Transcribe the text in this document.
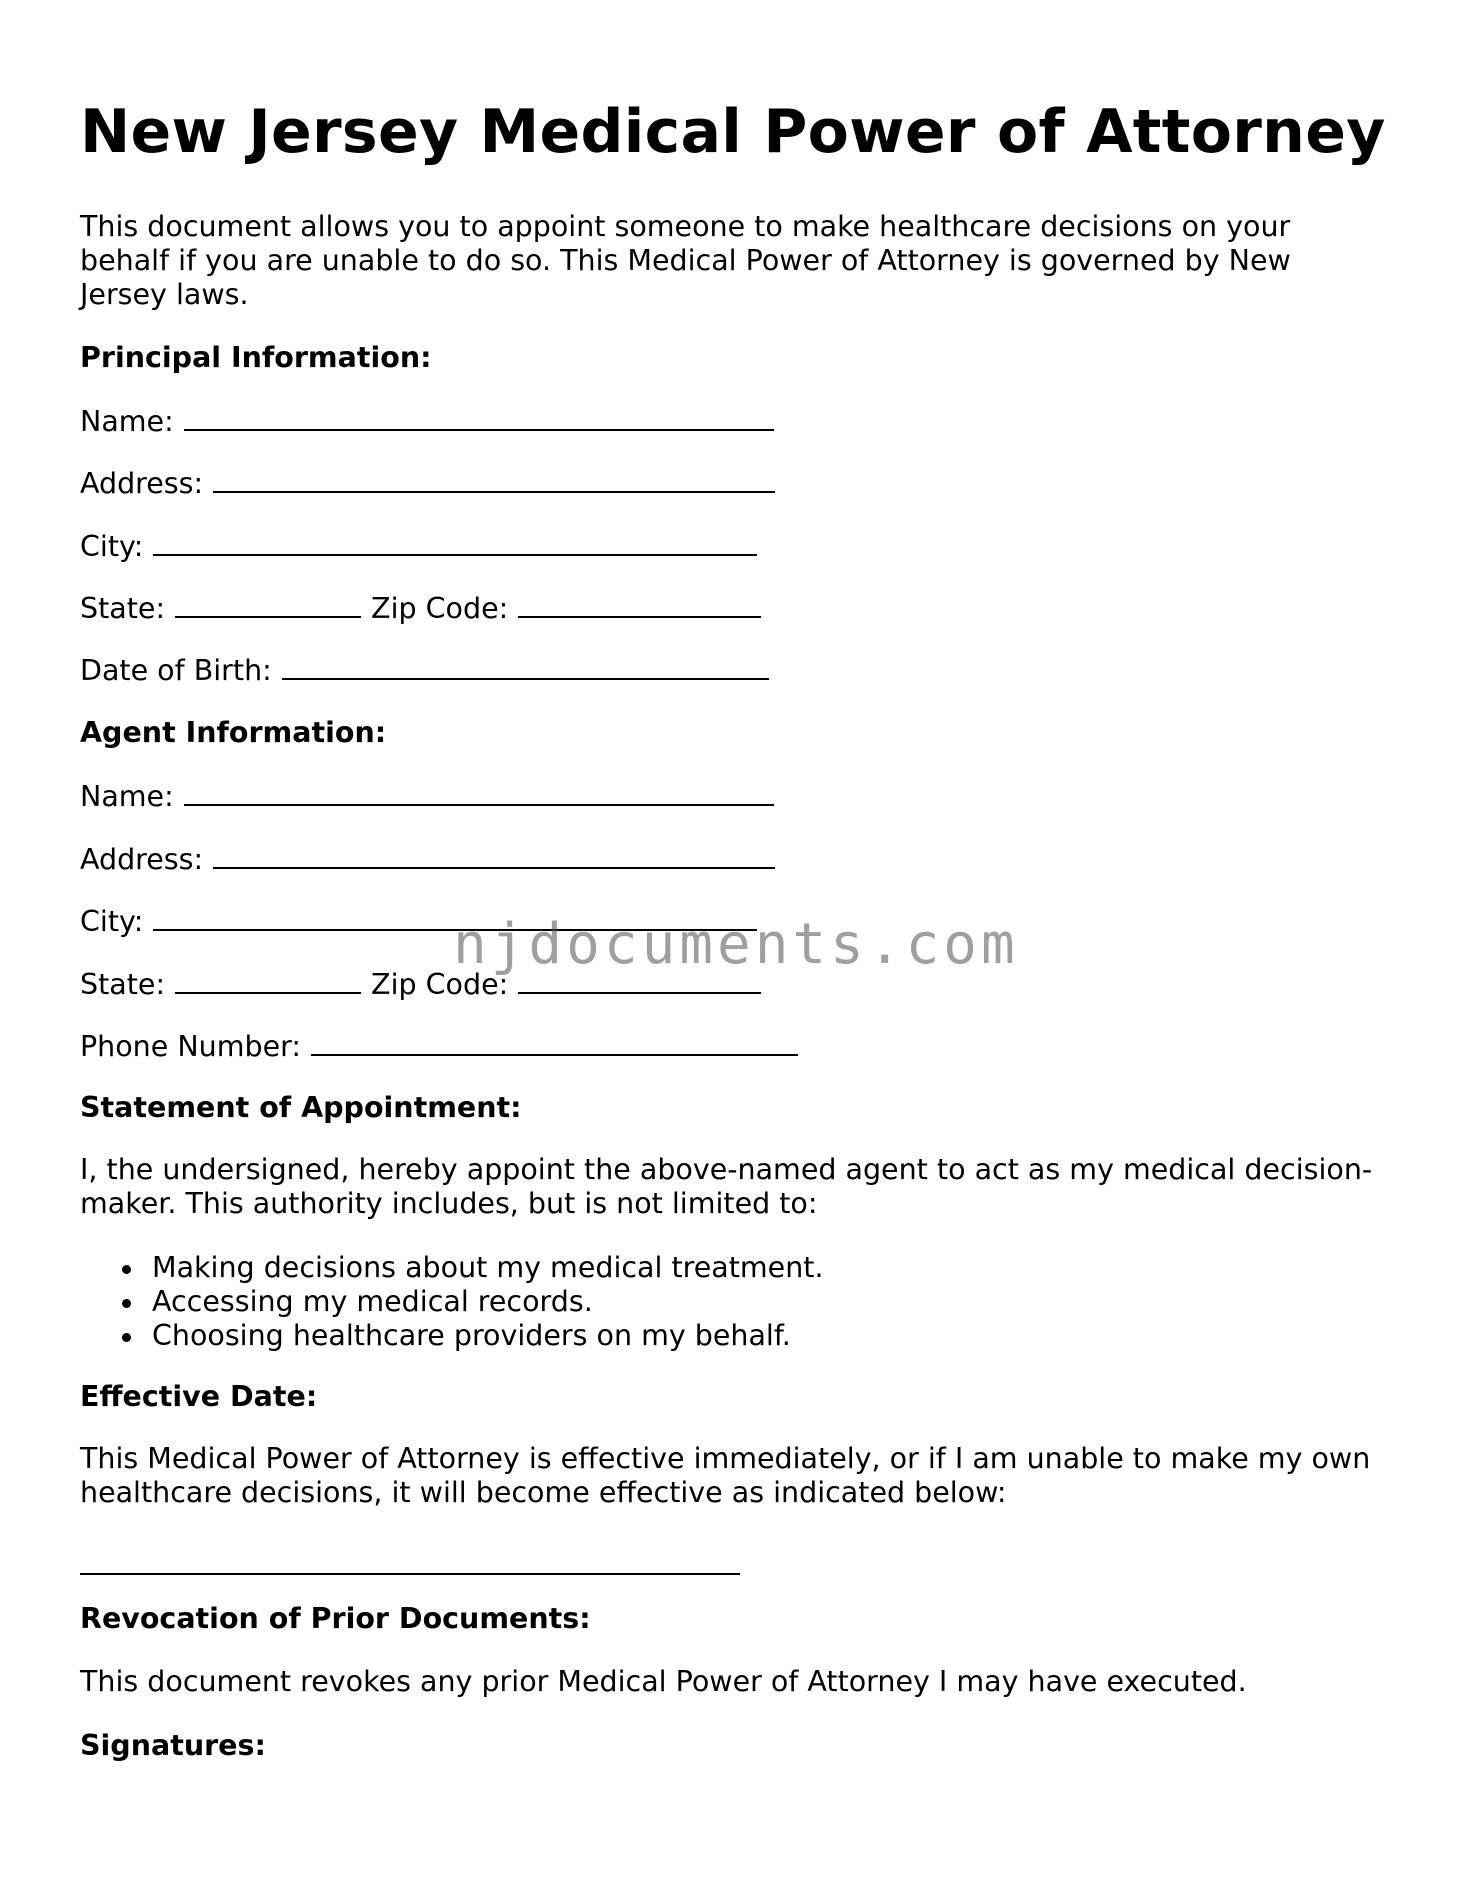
New Jersey Medical Power of Attorney

This document allows you to appoint someone to make healthcare decisions on your behalf if you are unable to do so. This Medical Power of Attorney is governed by New Jersey laws.

Principal Information:
Name:
Address:
City:
State:	Zip Code:
Date of Birth:
Agent Information:
Name:
Address:
City:
State:	Zip Code:
Phone Number:
Statement of Appointment:

I, the undersigned, hereby appoint the above-named agent to act as my medical decision-maker. This authority includes, but is not limited to:

Making decisions about my medical treatment.
Accessing my medical records.
Choosing healthcare providers on my behalf.
Effective Date:

This Medical Power of Attorney is effective immediately, or if I am unable to make my own healthcare decisions, it will become effective as indicated below:

Revocation of Prior Documents:

This document revokes any prior Medical Power of Attorney I may have executed.

Signatures:
njdocuments.com
